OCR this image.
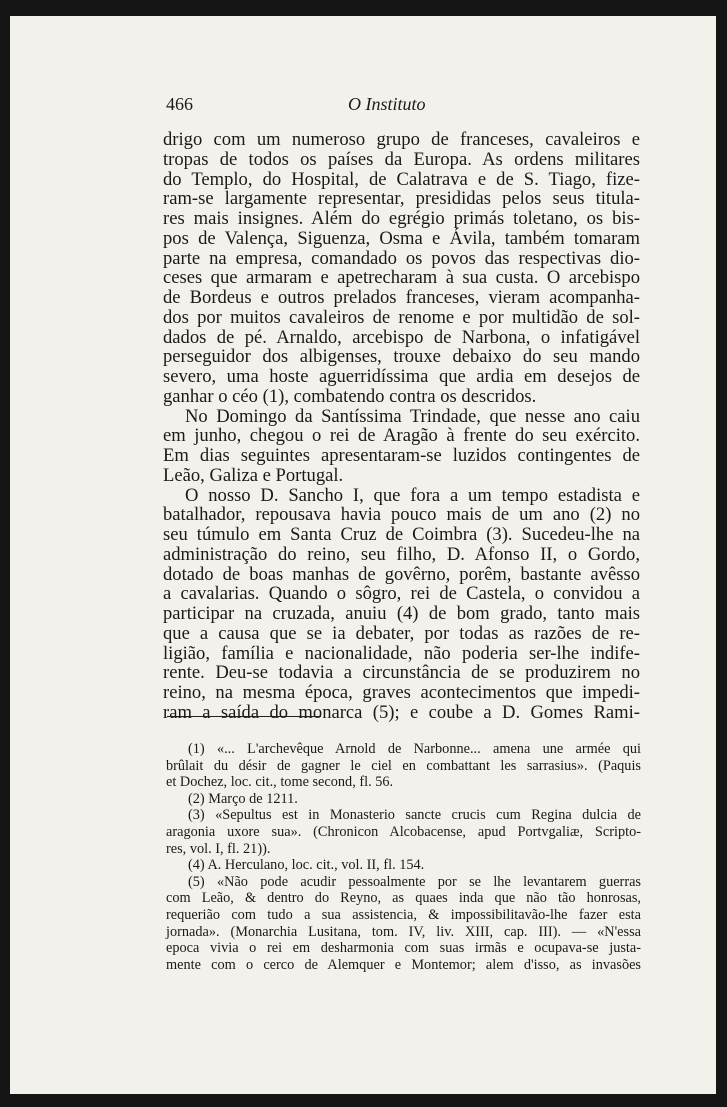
466	O Instituto
drigo com um numeroso grupo de franceses, cavaleiros e
tropas de todos os países da Europa. As ordens militares
do Templo, do Hospital, de Calatrava e de S. Tiago, fize-
ram-se largamente representar, presididas pelos seus titula-
res mais insignes. Além do egrégio primás toletano, os bis-
pos de Valença, Siguenza, Osma e Ávila, também tomaram
parte na empresa, comandado os povos das respectivas dio-
ceses que armaram e apetrecharam à sua custa. O arcebispo
de Bordeus e outros prelados franceses, vieram acompanha-
dos por muitos cavaleiros de renome e por multidão de sol-
dados de pé. Arnaldo, arcebispo de Narbona, o infatigável
perseguidor dos albigenses, trouxe debaixo do seu mando
severo, uma hoste aguerridíssima que ardia em desejos de
ganhar o céo (1), combatendo contra os descridos.
No Domingo da Santíssima Trindade, que nesse ano caiu
em junho, chegou o rei de Aragão à frente do seu exército.
Em dias seguintes apresentaram-se luzidos contingentes de
Leão, Galiza e Portugal.
O nosso D. Sancho I, que fora a um tempo estadista e
batalhador, repousava havia pouco mais de um ano (2) no
seu túmulo em Santa Cruz de Coimbra (3). Sucedeu-lhe na
administração do reino, seu filho, D. Afonso II, o Gordo,
dotado de boas manhas de govêrno, porêm, bastante avêsso
a cavalarias. Quando o sôgro, rei de Castela, o convidou a
participar na cruzada, anuiu (4) de bom grado, tanto mais
que a causa que se ia debater, por todas as razões de re-
ligião, família e nacionalidade, não poderia ser-lhe indife-
rente. Deu-se todavia a circunstância de se produzirem no
reino, na mesma época, graves acontecimentos que impedi-
ram a saída do monarca (5); e coube a D. Gomes Rami-
(1) «... L'archevêque Arnold de Narbonne... amena une armée qui
brûlait du désir de gagner le ciel en combattant les sarrasius». (Paquis
et Dochez, loc. cit., tome second, fl. 56.
(2) Março de 1211.
(3) «Sepultus est in Monasterio sancte crucis cum Regina dulcia de
aragonia uxore sua». (Chronicon Alcobacense, apud Portvgaliæ, Scripto-
res, vol. I, fl. 21)).
(4) A. Herculano, loc. cit., vol. II, fl. 154.
(5) «Não pode acudir pessoalmente por se lhe levantarem guerras
com Leão, & dentro do Reyno, as quaes inda que não tão honrosas,
requerião com tudo a sua assistencia, & impossibilitavão-lhe fazer esta
jornada». (Monarchia Lusitana, tom. IV, liv. XIII, cap. III). — «N'essa
epoca vivia o rei em desharmonia com suas irmãs e ocupava-se justa-
mente com o cerco de Alemquer e Montemor; alem d'isso, as invasões
